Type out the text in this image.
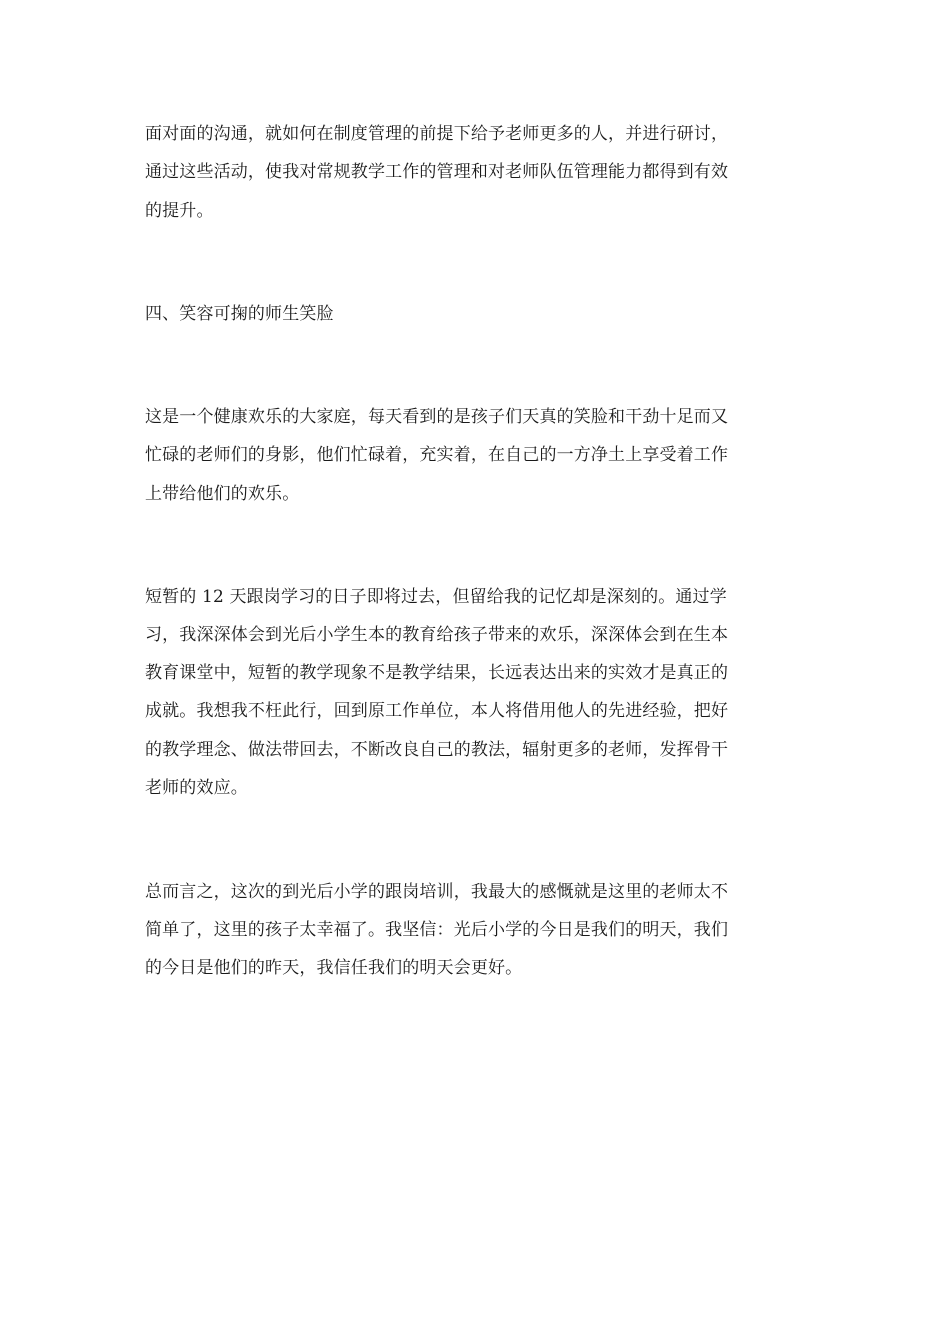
面对面的沟通，就如何在制度管理的前提下给予老师更多的人，并进行研讨，
通过这些活动，使我对常规教学工作的管理和对老师队伍管理能力都得到有效
的提升。
四、笑容可掬的师生笑脸
这是一个健康欢乐的大家庭，每天看到的是孩子们天真的笑脸和干劲十足而又
忙碌的老师们的身影，他们忙碌着，充实着，在自己的一方净土上享受着工作
上带给他们的欢乐。
短暂的 12 天跟岗学习的日子即将过去，但留给我的记忆却是深刻的。通过学
习，我深深体会到光后小学生本的教育给孩子带来的欢乐，深深体会到在生本
教育课堂中，短暂的教学现象不是教学结果，长远表达出来的实效才是真正的
成就。我想我不枉此行，回到原工作单位，本人将借用他人的先进经验，把好
的教学理念、做法带回去，不断改良自己的教法，辐射更多的老师，发挥骨干
老师的效应。
总而言之，这次的到光后小学的跟岗培训，我最大的感慨就是这里的老师太不
简单了，这里的孩子太幸福了。我坚信：光后小学的今日是我们的明天，我们
的今日是他们的昨天，我信任我们的明天会更好。
